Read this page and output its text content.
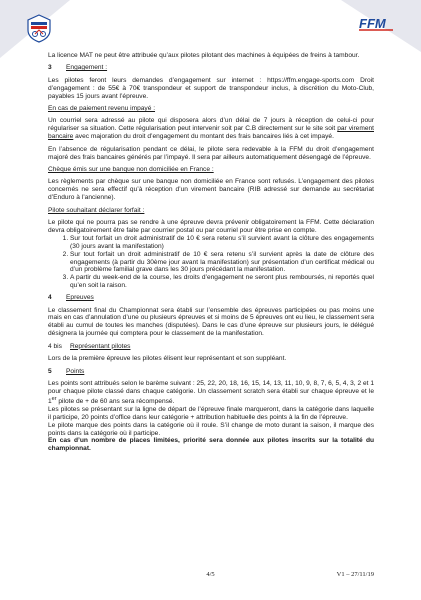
FFM

La licence MAT ne peut être attribuée qu’aux pilotes pilotant des machines à équipées de freins à tambour.

3 Engagement :

Les pilotes feront leurs demandes d’engagement sur internet : https://ffm.engage-sports.com Droit d’engagement : de 55€ à 70€ transpondeur et support de transpondeur inclus, à discrétion du Moto-Club, payables 15 jours avant l’épreuve.

En cas de paiement revenu impayé :

Un courriel sera adressé au pilote qui disposera alors d’un délai de 7 jours à réception de celui-ci pour régulariser sa situation. Cette régularisation peut intervenir soit par C.B directement sur le site soit par virement bancaire avec majoration du droit d’engagement du montant des frais bancaires liés à cet impayé.

En l’absence de régularisation pendant ce délai, le pilote sera redevable à la FFM du droit d’engagement majoré des frais bancaires générés par l’impayé. Il sera par ailleurs automatiquement désengagé de l’épreuve.

Chèque émis sur une banque non domiciliée en France :

Les règlements par chèque sur une banque non domiciliée en France sont refusés. L’engagement des pilotes concernés ne sera effectif qu’à réception d’un virement bancaire (RIB adressé sur demande au secrétariat d’Enduro à l’ancienne).

Pilote souhaitant déclarer forfait :

Le pilote qui ne pourra pas se rendre à une épreuve devra prévenir obligatoirement la FFM. Cette déclaration devra obligatoirement être faite par courrier postal ou par courriel pour être prise en compte.

1. Sur tout forfait un droit administratif de 10 € sera retenu s’il survient avant la clôture des engagements (30 jours avant la manifestation)
2. Sur tout forfait un droit administratif de 10 € sera retenu s’il survient après la date de clôture des engagements (à partir du 30ème jour avant la manifestation) sur présentation d’un certificat médical ou d’un problème familial grave dans les 30 jours précédant la manifestation.
3. A partir du week-end de la course, les droits d’engagement ne seront plus remboursés, ni reportés quel qu’en soit la raison.

4 Epreuves

Le classement final du Championnat sera établi sur l’ensemble des épreuves participées ou pas moins une mais en cas d’annulation d’une ou plusieurs épreuves et si moins de 5 épreuves ont eu lieu, le classement sera établi au cumul de toutes les manches (disputées). Dans le cas d’une épreuve sur plusieurs jours, le délégué désignera la journée qui comptera pour le classement de la manifestation.

4 bis Représentant pilotes

Lors de la première épreuve les pilotes élisent leur représentant et son suppléant.

5 Points

Les points sont attribués selon le barème suivant : 25, 22, 20, 18, 16, 15, 14, 13, 11, 10, 9, 8, 7, 6, 5, 4, 3, 2 et 1 pour chaque pilote classé dans chaque catégorie. Un classement scratch sera établi sur chaque épreuve et le 1er pilote de + de 60 ans sera récompensé.

Les pilotes se présentant sur la ligne de départ de l’épreuve finale marqueront, dans la catégorie dans laquelle il participe, 20 points d’office dans leur catégorie + attribution habituelle des points à la fin de l’épreuve.

Le pilote marque des points dans la catégorie où il roule. S’il change de moto durant la saison, il marque des points dans la catégorie où il participe.

En cas d’un nombre de places limitées, priorité sera donnée aux pilotes inscrits sur la totalité du championnat.

4/5	V1 – 27/11/19
